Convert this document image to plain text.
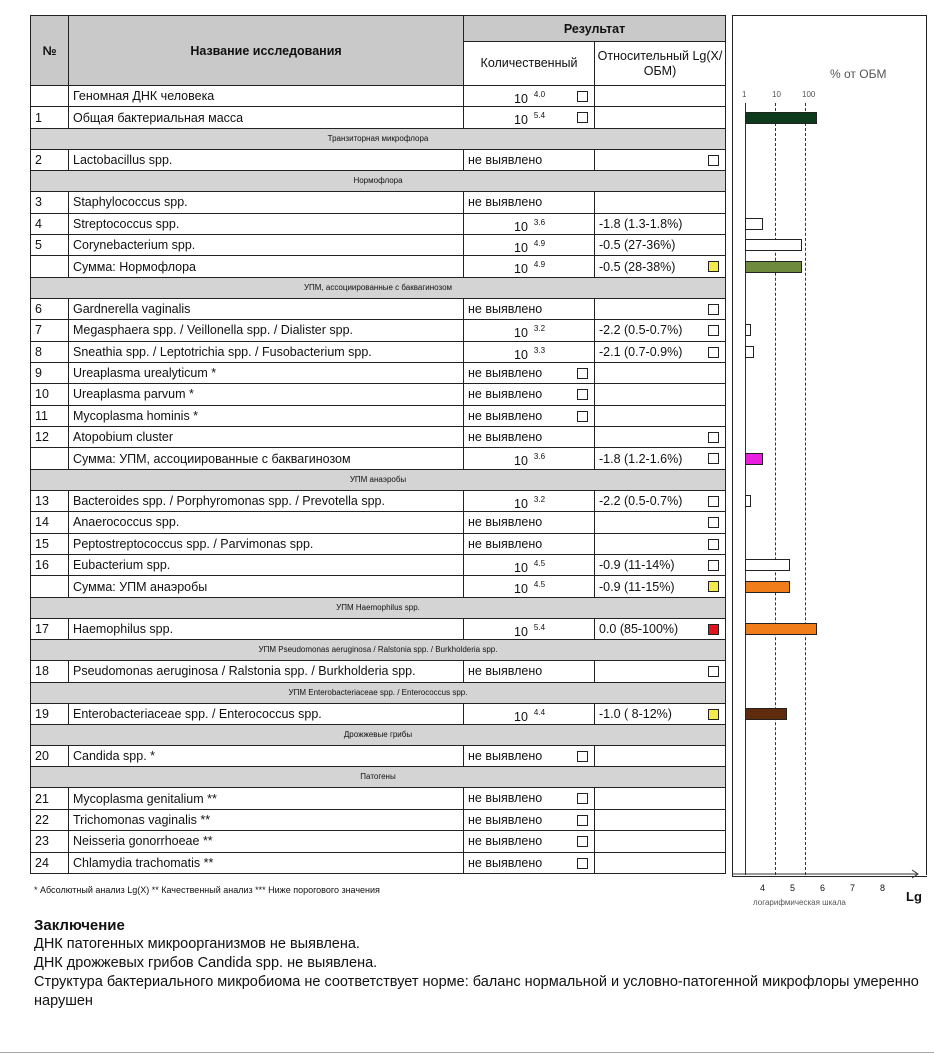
№	Название исследования	Результат	
		Количественный	Относительный Lg(X/ОБМ)
	Геномная ДНК человека	10 $^{4.0}$

1	Общая бактериальная масса	10 $^{5.4}$

Транзиторная микрофлора			
2	Lactobacillus spp.	не выявлено	

Нормофлора			
3	Staphylococcus spp.	не выявлено	

4	Streptococcus spp.	10 $^{3.6}$	-1.8 (1.3-1.8%)
5	Corynebacterium spp.	10 $^{4.9}$	-0.5 (27-36%)
	Сумма: Нормофлора	10 $^{4.9}$	-0.5 (28-38%)

УПМ, ассоциированные с баквагинозом			
6	Gardnerella vaginalis	не выявлено	

7	Megasphaera spp. / Veillonella spp. / Dialister spp.	10 $^{3.2}$	-2.2 (0.5-0.7%)

8	Sneathia spp. / Leptotrichia spp. / Fusobacterium spp.	10 $^{3.3}$	-2.1 (0.7-0.9%)

9	Ureaplasma urealyticum *	не выявлено	

10	Ureaplasma parvum *	не выявлено	

11	Mycoplasma hominis *	не выявлено	

12	Atopobium cluster	не выявлено	

	Сумма: УПМ, ассоциированные с баквагинозом	10 $^{3.6}$	-1.8 (1.2-1.6%)

УПМ анаэробы			
13	Bacteroides spp. / Porphyromonas spp. / Prevotella spp.	10 $^{3.2}$	-2.2 (0.5-0.7%)

14	Anaerococcus spp.	не выявлено	

15	Peptostreptococcus spp. / Parvimonas spp.	не выявлено	

16	Eubacterium spp.	10 $^{4.5}$	-0.9 (11-14%)

	Сумма: УПМ анаэробы	10 $^{4.5}$	-0.9 (11-15%)

УПМ Haemophilus spp.			
17	Haemophilus spp.	10 $^{5.4}$	0.0 (85-100%)

УПМ Pseudomonas aeruginosa / Ralstonia spp. / Burkholderia spp.			
18	Pseudomonas aeruginosa / Ralstonia spp. / Burkholderia spp.	не выявлено	

УПМ Enterobacteriaceae spp. / Enterococcus spp.			
19	Enterobacteriaceae spp. / Enterococcus spp.	10 $^{4.4}$	-1.0 ( 8-12%)

Дрожжевые грибы			
20	Candida spp. *	не выявлено	

Патогены			
21	Mycoplasma genitalium **	не выявлено	

22	Trichomonas vaginalis **	не выявлено	

23	Neisseria gonorrhoeae **	не выявлено	

24	Chlamydia trachomatis **	не выявлено	

% от ОБМ
1	10	100
4	5	6	7	8
логарифмическая шкала	Lg
* Абсолютный анализ Lg(X) ** Качественный анализ *** Ниже порогового значения
Заключение
ДНК патогенных микроорганизмов не выявлена.
ДНК дрожжевых грибов Candida spp. не выявлена.
Структура бактериального микробиома не соответствует норме: баланс нормальной и условно-патогенной микрофлоры умеренно нарушен
